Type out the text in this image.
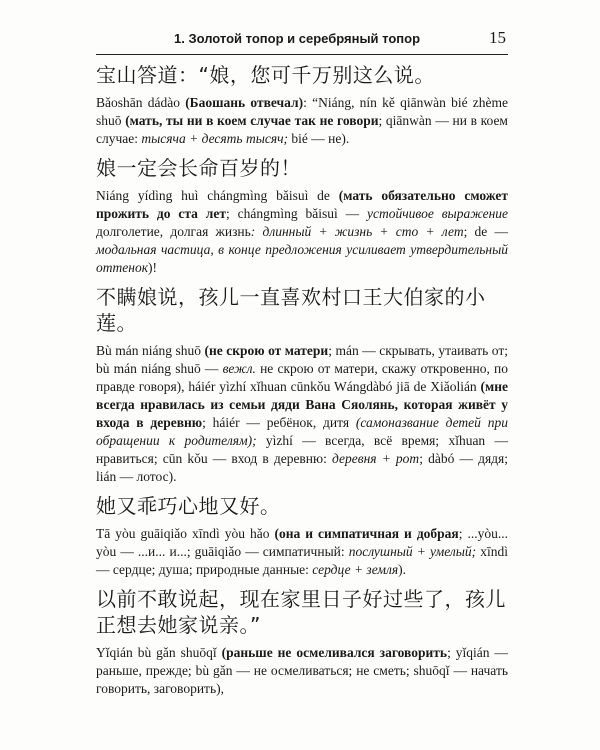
1. Золотой топор и серебряный топор	15

宝山答道：“娘，您可千万别这么说。

Bǎoshān dádào (Баошань отвечал): “Niáng, nín kě qiānwàn bié zhème shuō (мать, ты ни в коем случае так не говори; qiānwàn — ни в коем случае: тысяча + десять тысяч; bié — не).

娘一定会长命百岁的！

Niáng yídìng huì chángmìng bǎisuì de (мать обязательно сможет прожить до ста лет; chángmìng bǎisuì — устойчивое выражение долголетие, долгая жизнь: длинный + жизнь + сто + лет; de — модальная частица, в конце предложения усиливает утвердительный оттенок)!

不瞒娘说，孩儿一直喜欢村口王大伯家的小莲。

Bù mán niáng shuō (не скрою от матери; mán — скрывать, утаивать от; bù mán niáng shuō — вежл. не скрою от матери, скажу откровенно, по правде говоря), háiér yìzhí xǐhuan cūnkǒu Wángdàbó jiā de Xiǎolián (мне всегда нравилась из семьи дяди Вана Сяолянь, которая живёт у входа в деревню; háiér — ребёнок, дитя (самоназвание детей при обращении к родителям); yìzhí — всегда, всё время; xǐhuan — нравиться; cūn kǒu — вход в деревню: деревня + рот; dàbó — дядя; lián — лотос).

她又乖巧心地又好。

Tā yòu guāiqiǎo xīndì yòu hǎo (она и симпатичная и добрая; ...yòu... yòu — ...и... и...; guāiqiǎo — симпатичный: послушный + умелый; xīndì — сердце; душа; природные данные: сердце + земля).

以前不敢说起，现在家里日子好过些了，孩儿正想去她家说亲。”

Yǐqián bù gǎn shuōqǐ (раньше не осмеливался заговорить; yǐqián — раньше, прежде; bù gǎn — не осмеливаться; не сметь; shuōqǐ — начать говорить, заговорить),
